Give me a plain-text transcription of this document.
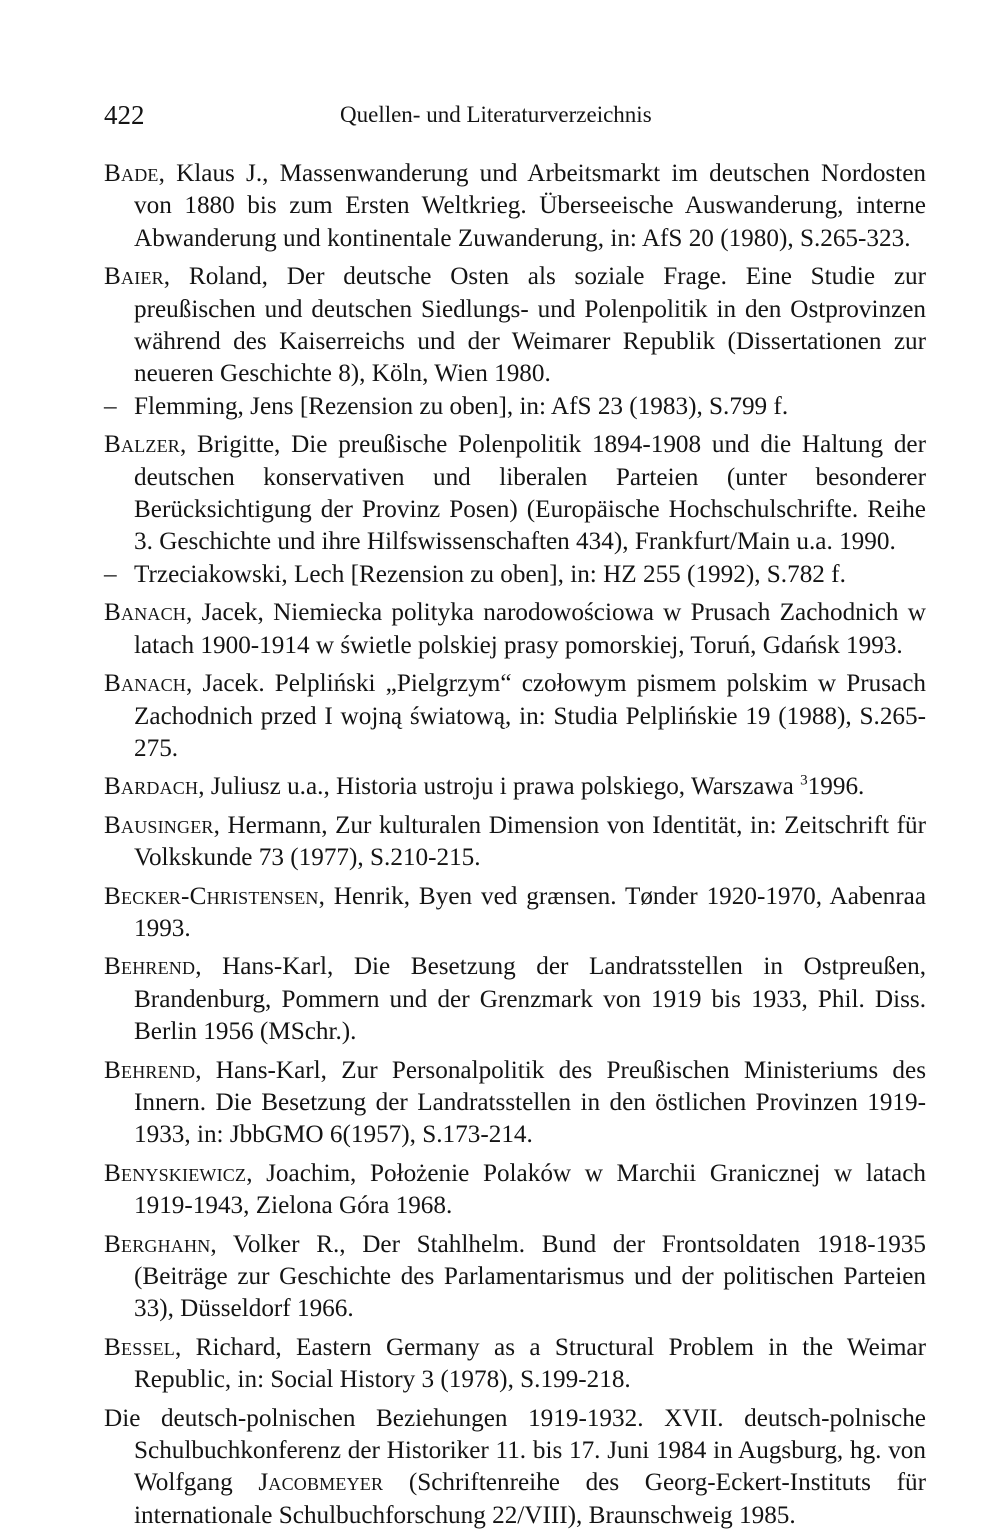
422	Quellen- und Literaturverzeichnis

Bade, Klaus J., Massenwanderung und Arbeitsmarkt im deutschen Nordosten von 1880 bis zum Ersten Weltkrieg. Überseeische Auswanderung, interne Abwanderung und kontinentale Zuwanderung, in: AfS 20 (1980), S.265-323.

Baier, Roland, Der deutsche Osten als soziale Frage. Eine Studie zur preußischen und deutschen Siedlungs- und Polenpolitik in den Ostprovinzen während des Kaiserreichs und der Weimarer Republik (Dissertationen zur neueren Geschichte 8), Köln, Wien 1980.

– Flemming, Jens [Rezension zu oben], in: AfS 23 (1983), S.799 f.

Balzer, Brigitte, Die preußische Polenpolitik 1894-1908 und die Haltung der deutschen konservativen und liberalen Parteien (unter besonderer Berücksichtigung der Provinz Posen) (Europäische Hochschulschrifte. Reihe 3. Geschichte und ihre Hilfswissenschaften 434), Frankfurt/Main u.a. 1990.

– Trzeciakowski, Lech [Rezension zu oben], in: HZ 255 (1992), S.782 f.

Banach, Jacek, Niemiecka polityka narodowościowa w Prusach Zachodnich w latach 1900-1914 w świetle polskiej prasy pomorskiej, Toruń, Gdańsk 1993.

Banach, Jacek. Pelpliński „Pielgrzym“ czołowym pismem polskim w Prusach Zachodnich przed I wojną światową, in: Studia Pelplińskie 19 (1988), S.265-275.

Bardach, Juliusz u.a., Historia ustroju i prawa polskiego, Warszawa $^3$1996.

Bausinger, Hermann, Zur kulturalen Dimension von Identität, in: Zeitschrift für Volkskunde 73 (1977), S.210-215.

Becker-Christensen, Henrik, Byen ved grænsen. Tønder 1920-1970, Aabenraa 1993.

Behrend, Hans-Karl, Die Besetzung der Landratsstellen in Ostpreußen, Brandenburg, Pommern und der Grenzmark von 1919 bis 1933, Phil. Diss. Berlin 1956 (MSchr.).

Behrend, Hans-Karl, Zur Personalpolitik des Preußischen Ministeriums des Innern. Die Besetzung der Landratsstellen in den östlichen Provinzen 1919-1933, in: JbbGMO 6(1957), S.173-214.

Benyskiewicz, Joachim, Położenie Polaków w Marchii Granicznej w latach 1919-1943, Zielona Góra 1968.

Berghahn, Volker R., Der Stahlhelm. Bund der Frontsoldaten 1918-1935 (Beiträge zur Geschichte des Parlamentarismus und der politischen Parteien 33), Düsseldorf 1966.

Bessel, Richard, Eastern Germany as a Structural Problem in the Weimar Republic, in: Social History 3 (1978), S.199-218.

Die deutsch-polnischen Beziehungen 1919-1932. XVII. deutsch-polnische Schulbuchkonferenz der Historiker 11. bis 17. Juni 1984 in Augsburg, hg. von Wolfgang Jacobmeyer (Schriftenreihe des Georg-Eckert-Instituts für internationale Schulbuchforschung 22/VIII), Braunschweig 1985.
